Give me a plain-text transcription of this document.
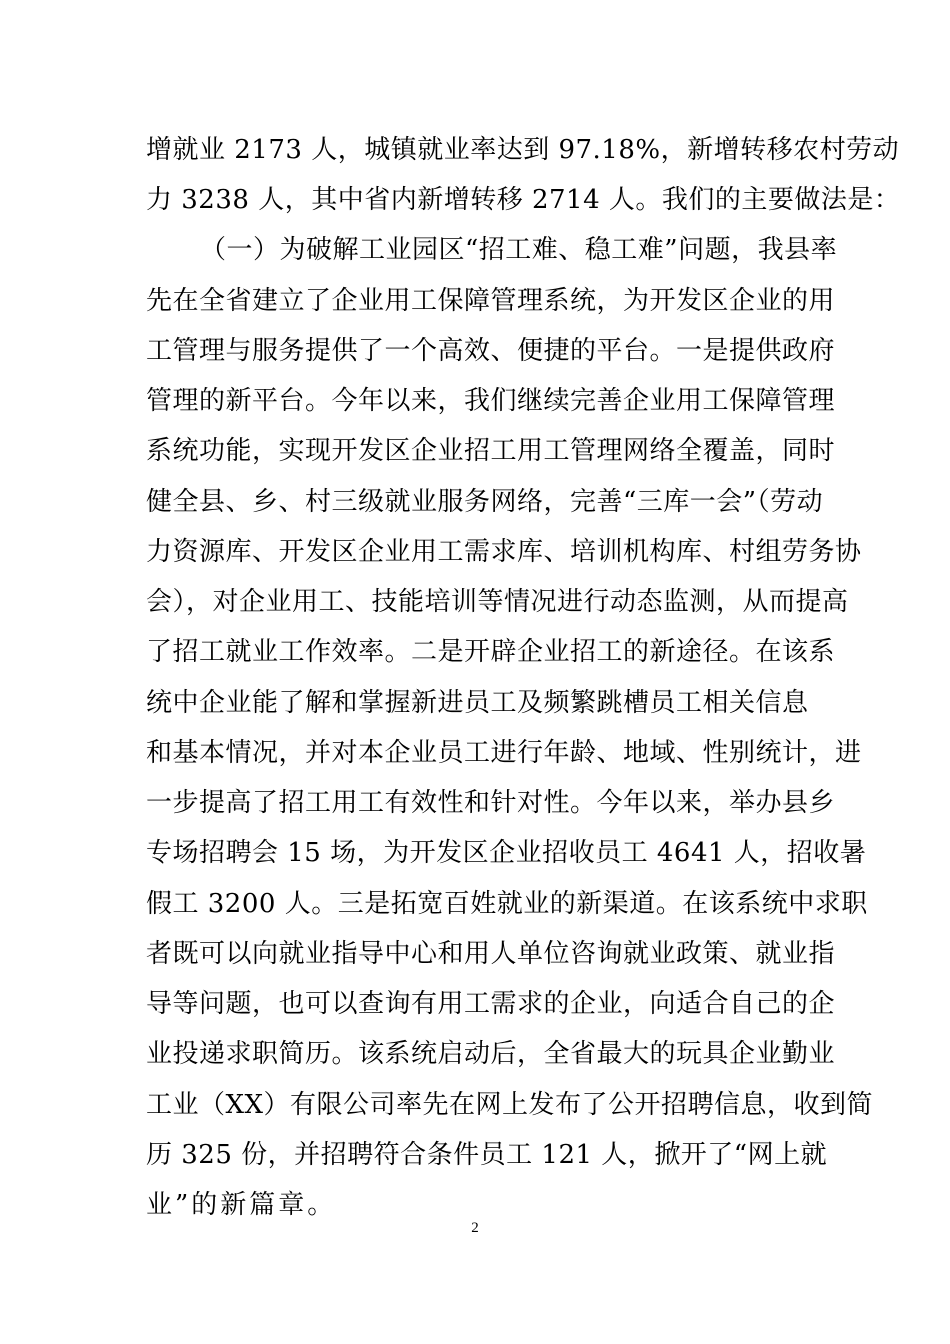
增就业 2173 人，城镇就业率达到 97.18%，新增转移农村劳动
力 3238 人，其中省内新增转移 2714 人。我们的主要做法是：
（一）为破解工业园区“招工难、稳工难”问题，我县率
先在全省建立了企业用工保障管理系统，为开发区企业的用
工管理与服务提供了一个高效、便捷的平台。一是提供政府
管理的新平台。今年以来，我们继续完善企业用工保障管理
系统功能，实现开发区企业招工用工管理网络全覆盖，同时
健全县、乡、村三级就业服务网络，完善“三库一会”（劳动
力资源库、开发区企业用工需求库、培训机构库、村组劳务协
会），对企业用工、技能培训等情况进行动态监测，从而提高
了招工就业工作效率。二是开辟企业招工的新途径。在该系
统中企业能了解和掌握新进员工及频繁跳槽员工相关信息
和基本情况，并对本企业员工进行年龄、地域、性别统计，进
一步提高了招工用工有效性和针对性。今年以来，举办县乡
专场招聘会 15 场，为开发区企业招收员工 4641 人，招收暑
假工 3200 人。三是拓宽百姓就业的新渠道。在该系统中求职
者既可以向就业指导中心和用人单位咨询就业政策、就业指
导等问题，也可以查询有用工需求的企业，向适合自己的企
业投递求职简历。该系统启动后，全省最大的玩具企业勤业
工业（XX）有限公司率先在网上发布了公开招聘信息，收到简
历 325 份，并招聘符合条件员工 121 人，掀开了“网上就
业”的新篇章。
2
